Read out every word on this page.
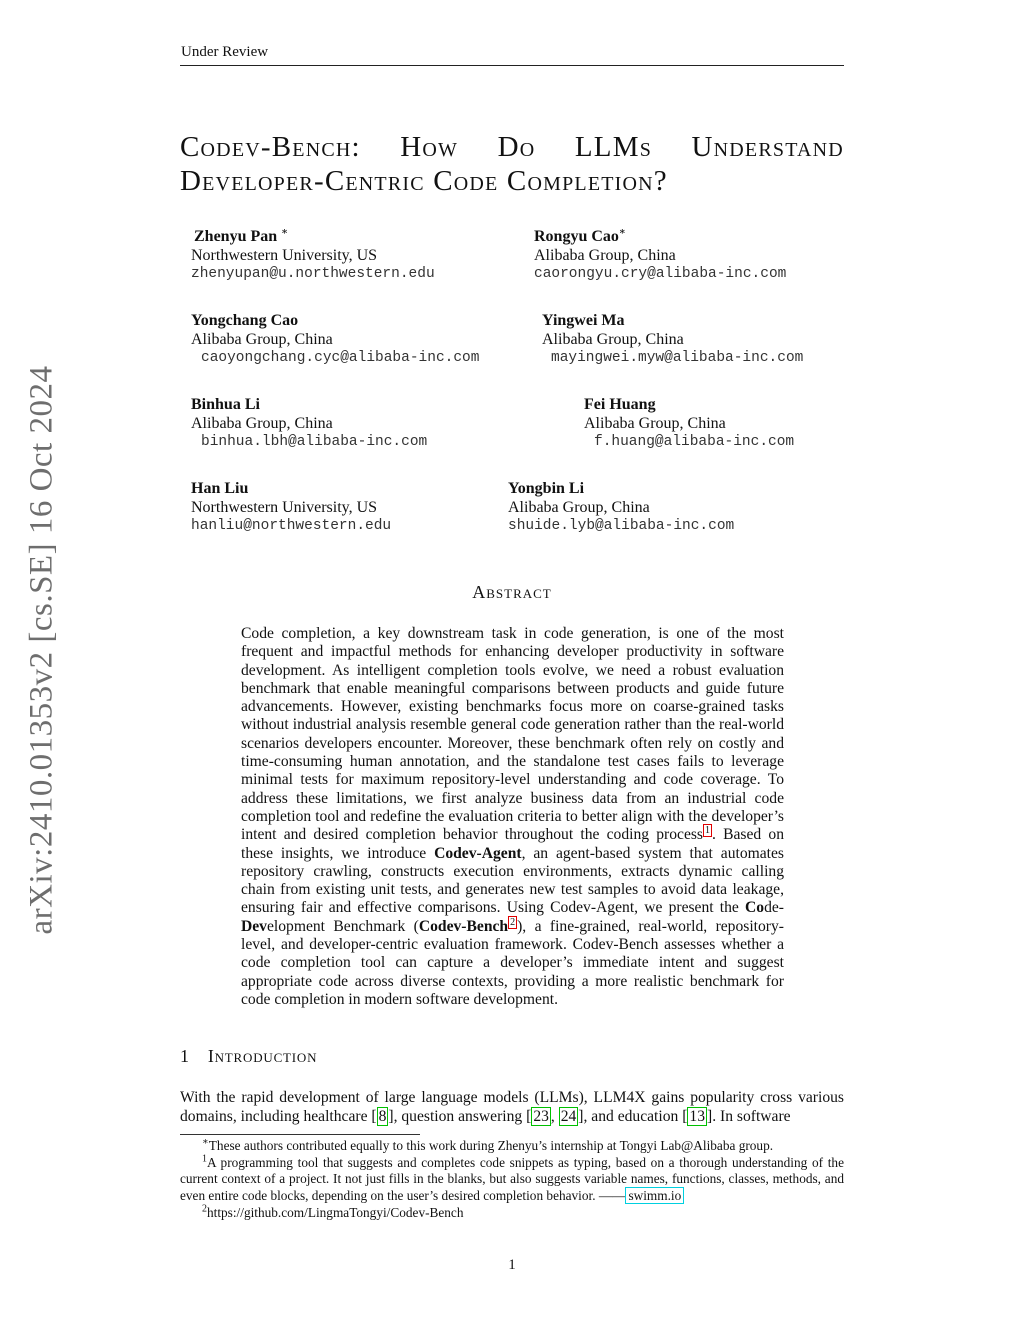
Under Review
arXiv:2410.01353v2 [cs.SE] 16 Oct 2024
Codev-Bench: How Do LLMs Understand
Developer-Centric Code Completion?
Zhenyu Pan ∗
Northwestern University, US
zhenyupan@u.northwestern.edu
Rongyu Cao∗
Alibaba Group, China
caorongyu.cry@alibaba-inc.com
Yongchang Cao
Alibaba Group, China
caoyongchang.cyc@alibaba-inc.com
Yingwei Ma
Alibaba Group, China
mayingwei.myw@alibaba-inc.com
Binhua Li
Alibaba Group, China
binhua.lbh@alibaba-inc.com
Fei Huang
Alibaba Group, China
f.huang@alibaba-inc.com
Han Liu
Northwestern University, US
hanliu@northwestern.edu
Yongbin Li
Alibaba Group, China
shuide.lyb@alibaba-inc.com
Abstract
Code completion, a key downstream task in code generation, is one of the most frequent and impactful methods for enhancing developer productivity in software development. As intelligent completion tools evolve, we need a robust evaluation benchmark that enable meaningful comparisons between products and guide future advancements. However, existing benchmarks focus more on coarse-grained tasks without industrial analysis resemble general code generation rather than the real-world scenarios developers encounter. Moreover, these benchmark often rely on costly and time-consuming human annotation, and the standalone test cases fails to leverage minimal tests for maximum repository-level understanding and code coverage. To address these limitations, we first analyze business data from an industrial code completion tool and redefine the evaluation criteria to better align with the developer’s intent and desired completion behavior throughout the coding process $^1$ . Based on these insights, we introduce Codev-Agent, an agent-based system that automates repository crawling, constructs execution environments, extracts dynamic calling chain from existing unit tests, and generates new test samples to avoid data leakage, ensuring fair and effective comparisons. Using Codev-Agent, we present the Code-Development Benchmark (Codev-Bench $^2$ ), a fine-grained, real-world, repository-level, and developer-centric evaluation framework. Codev-Bench assesses whether a code completion tool can capture a developer’s immediate intent and suggest appropriate code across diverse contexts, providing a more realistic benchmark for code completion in modern software development.
1 Introduction
With the rapid development of large language models (LLMs), LLM4X gains popularity cross various domains, including healthcare [ 8 ], question answering [ 23 , 24 ], and education [ 13 ]. In software
∗These authors contributed equally to this work during Zhenyu’s internship at Tongyi Lab@Alibaba group.
$^1$A programming tool that suggests and completes code snippets as typing, based on a thorough understanding of the current context of a project. It not just fills in the blanks, but also suggests variable names, functions, classes, methods, and even entire code blocks, depending on the user’s desired completion behavior. —— swimm.io
$^2$https://github.com/LingmaTongyi/Codev-Bench
1
